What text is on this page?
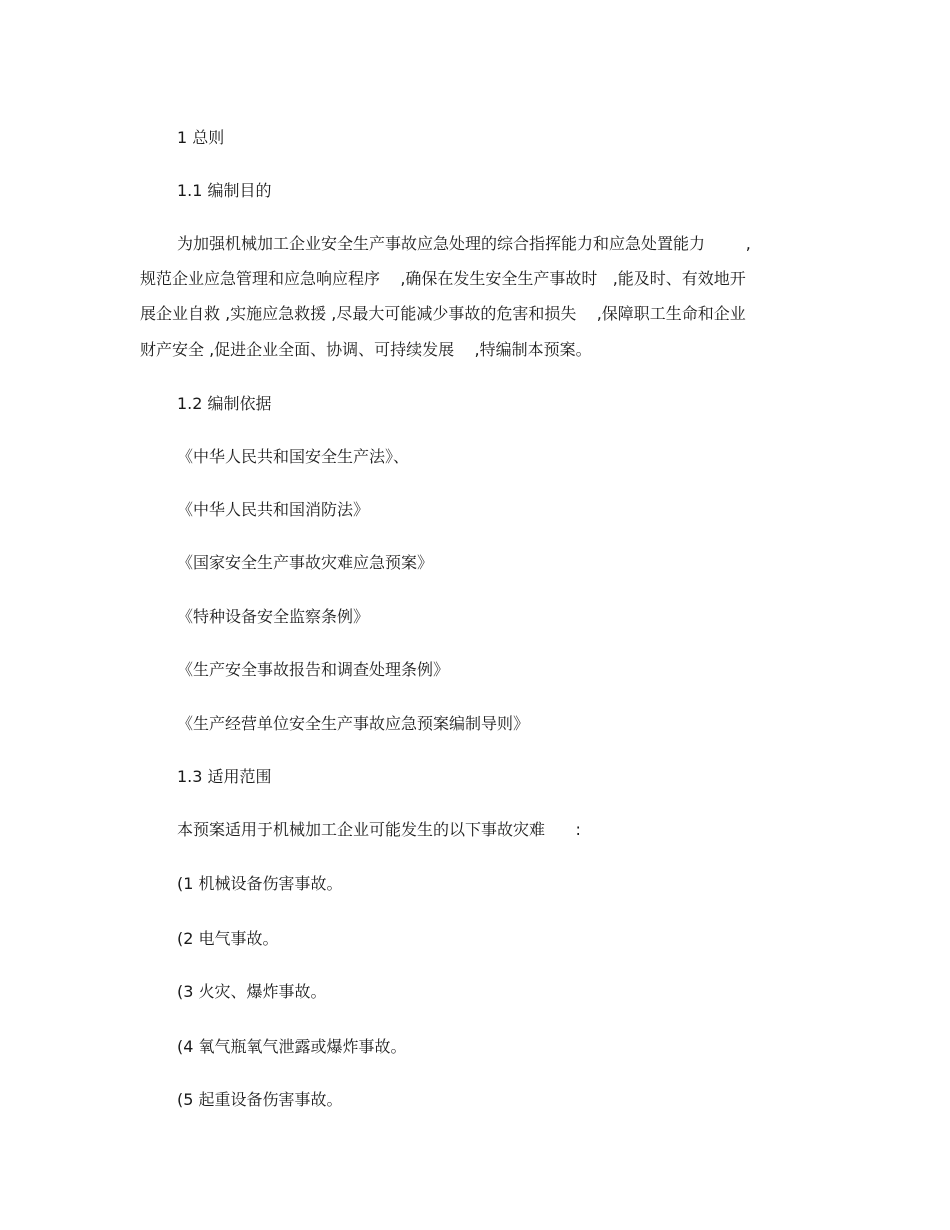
1 总则
1.1 编制目的
为加强机械加工企业安全生产事故应急处理的综合指挥能力和应急处置能力        ,
规范企业应急管理和应急响应程序    ,确保在发生安全生产事故时   ,能及时、有效地开
展企业自救 ,实施应急救援 ,尽最大可能减少事故的危害和损失    ,保障职工生命和企业
财产安全 ,促进企业全面、协调、可持续发展    ,特编制本预案。
1.2 编制依据
《中华人民共和国安全生产法》、
《中华人民共和国消防法》
《国家安全生产事故灾难应急预案》
《特种设备安全监察条例》
《生产安全事故报告和调查处理条例》
《生产经营单位安全生产事故应急预案编制导则》
1.3 适用范围
本预案适用于机械加工企业可能发生的以下事故灾难      :
(1 机械设备伤害事故。
(2 电气事故。
(3 火灾、爆炸事故。
(4 氧气瓶氧气泄露或爆炸事故。
(5 起重设备伤害事故。
